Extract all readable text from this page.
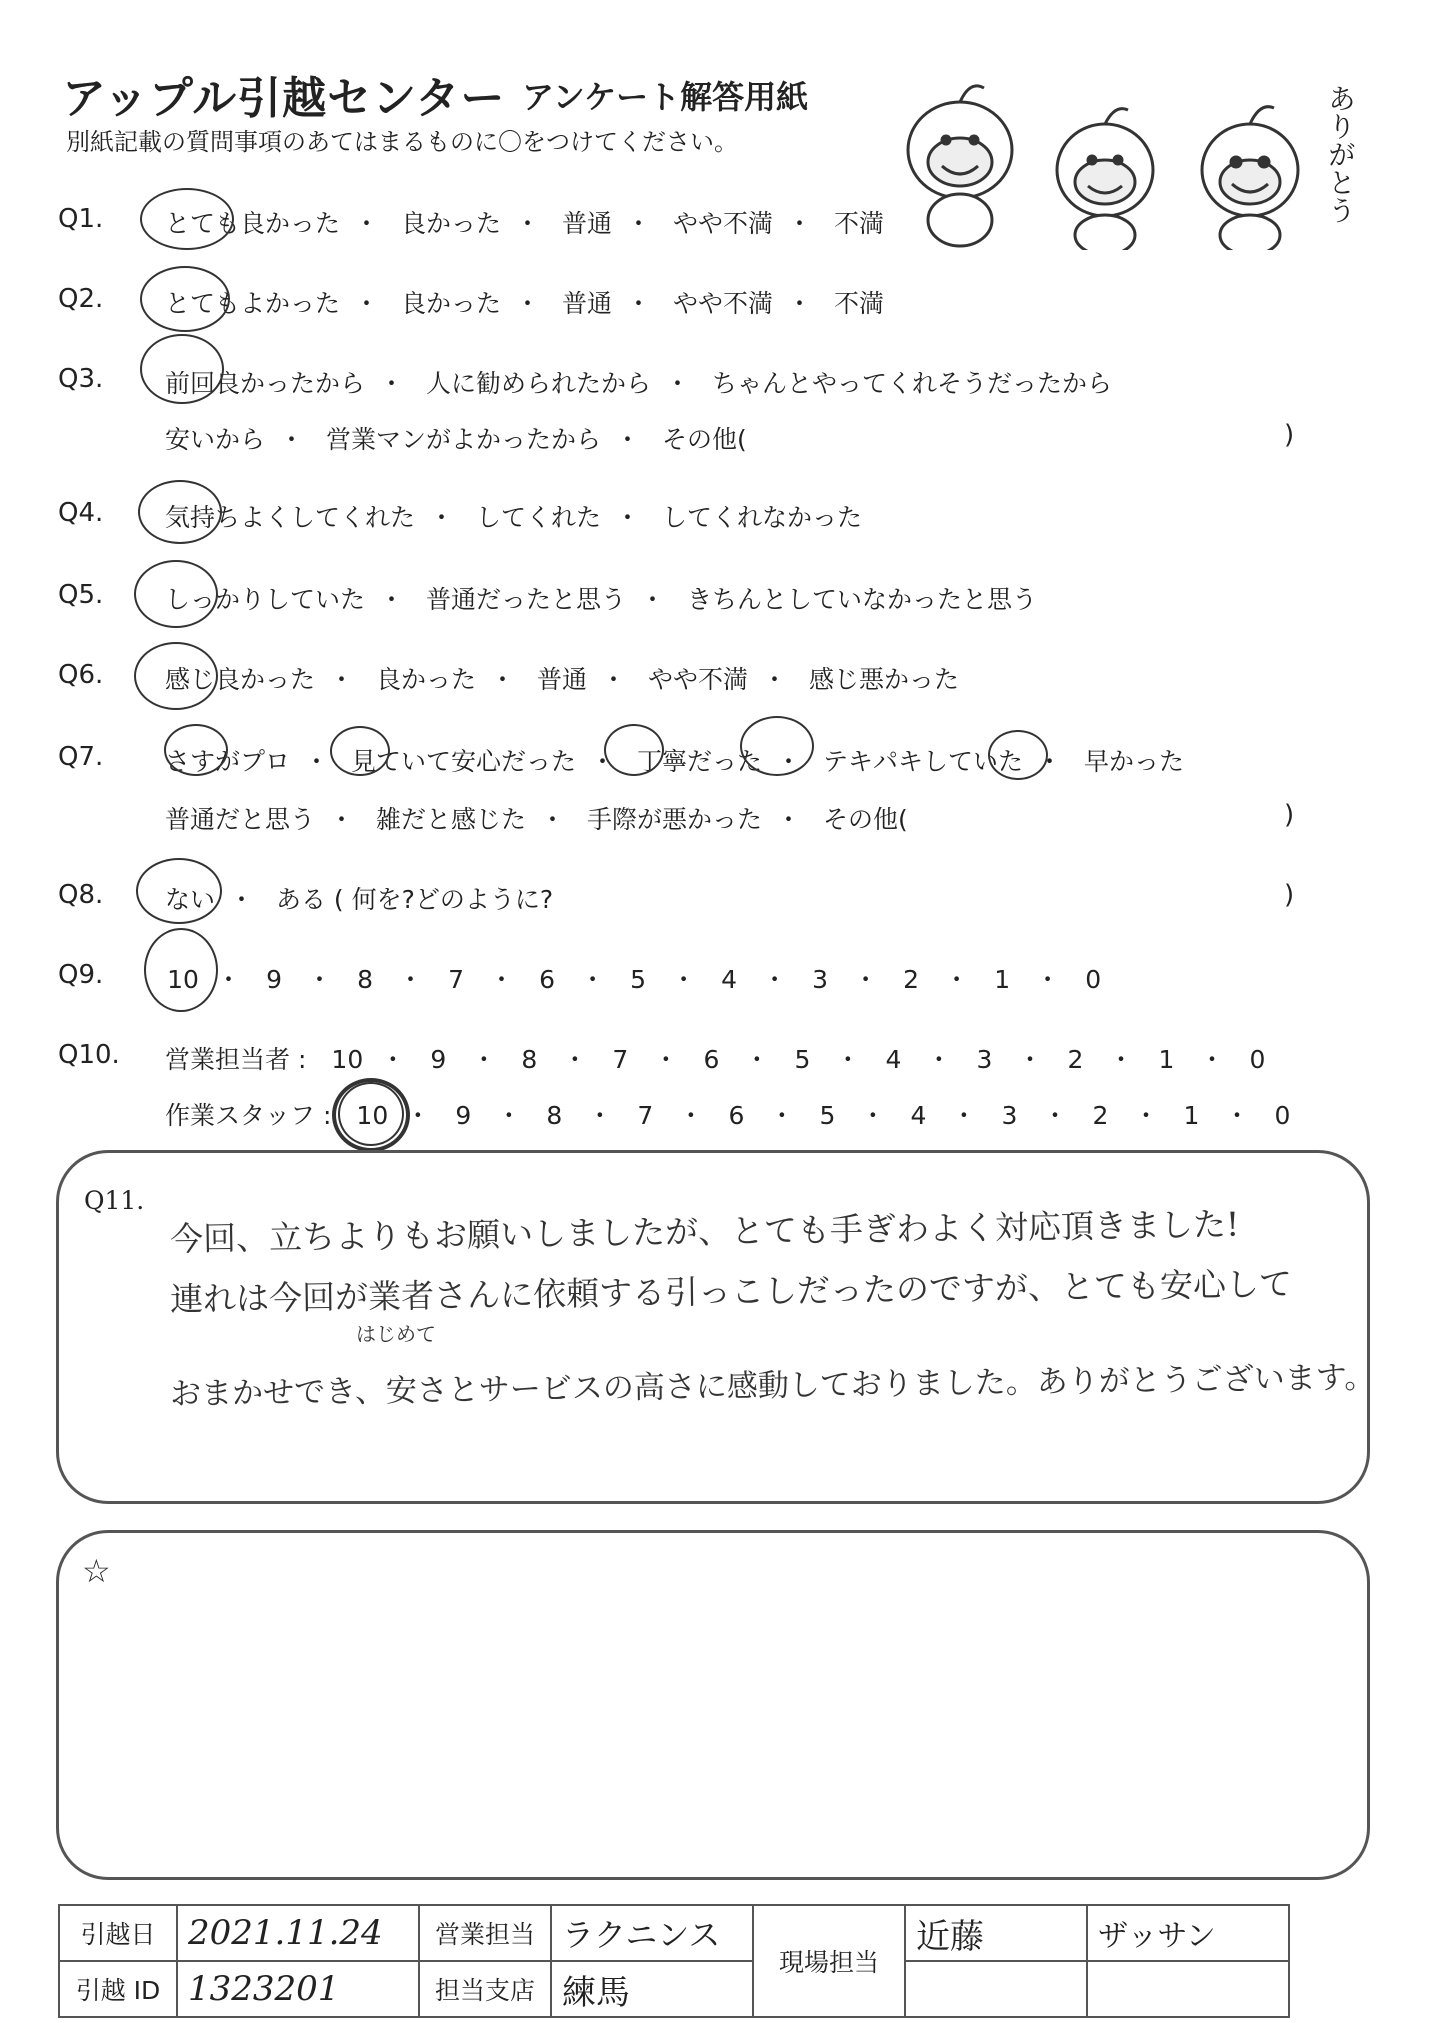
アップル引越センター アンケート解答用紙
別紙記載の質問事項のあてはまるものに〇をつけてください。	ありがとう
Q1. とても良かった ・ 良かった ・ 普通 ・ やや不満 ・ 不満
Q2. とてもよかった ・ 良かった ・ 普通 ・ やや不満 ・ 不満
Q3. 前回良かったから ・ 人に勧められたから ・ ちゃんとやってくれそうだったから
安いから ・ 営業マンがよかったから ・ その他(	)
Q4. 気持ちよくしてくれた ・ してくれた ・ してくれなかった
Q5. しっかりしていた ・ 普通だったと思う ・ きちんとしていなかったと思う
Q6. 感じ良かった ・ 良かった ・ 普通 ・ やや不満 ・ 感じ悪かった
Q7. さすがプロ ・ 見ていて安心だった ・ 丁寧だった ・ テキパキしていた ・ 早かった
普通だと思う ・ 雑だと感じた ・ 手際が悪かった ・ その他(	)
Q8. ない ・ ある ( 何を?どのように?	)
Q9.	10 ・ 9 ・ 8 ・ 7 ・ 6 ・ 5 ・ 4 ・ 3 ・ 2 ・ 1 ・ 0
Q10. 営業担当者 : 10 ・ 9 ・ 8 ・ 7 ・ 6 ・ 5 ・ 4 ・ 3 ・ 2 ・ 1 ・ 0
作業スタッフ : 10 ・ 9 ・ 8 ・ 7 ・ 6 ・ 5 ・ 4 ・ 3 ・ 2 ・ 1 ・ 0
Q11.
今回、立ちよりもお願いしましたが、とても手ぎわよく対応頂きました!
連れは今回が業者さんに依頼する引っこしだったのですが、とても安心して
はじめて
おまかせでき、安さとサービスの高さに感動しておりました。ありがとうございます。
☆
引越日	2021.11.24	営業担当	ラクニンス	現場担当	近藤	ザッサン
引越 ID	1323201	担当支店	練馬			
